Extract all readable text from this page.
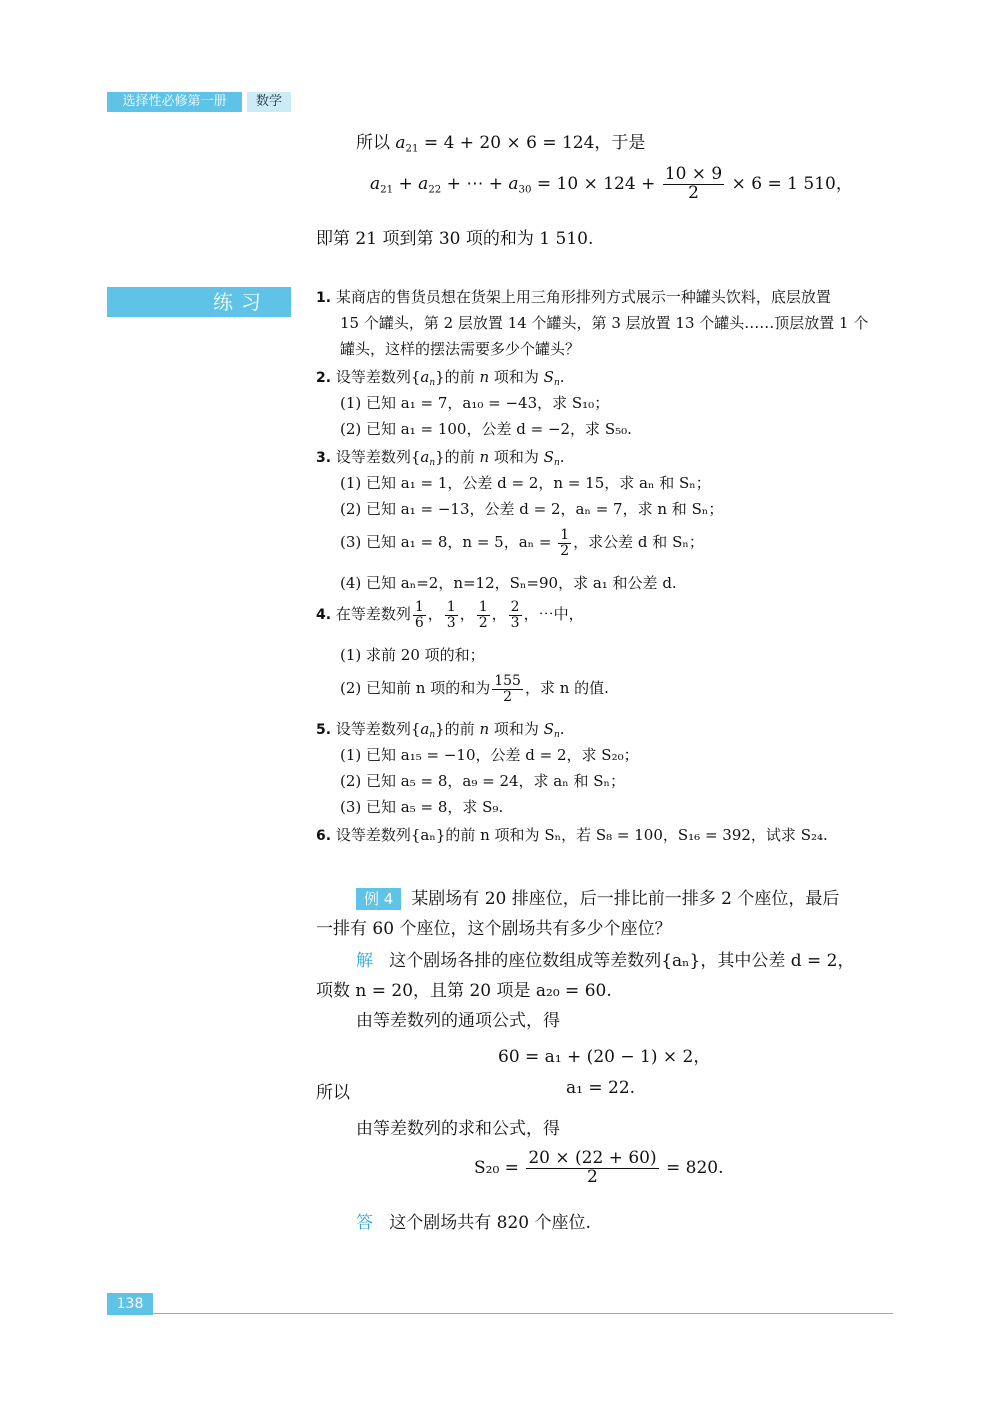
选择性必修第一册	数学
所以 $a_{21} = 4 + 20 \times 6 = 124$，于是
$a_{21} + a_{22}$ + ⋯ + $a_{30} = 10 \times 124 + \frac{10 \times 9}{2} \times 6 = 1$ 510，
即第 21 项到第 30 项的和为 1 510.
练习	1. 某商店的售货员想在货架上用三角形排列方式展示一种罐头饮料，底层放置
15 个罐头，第 2 层放置 14 个罐头，第 3 层放置 13 个罐头……顶层放置 1 个
罐头，这样的摆法需要多少个罐头？
2. 设等差数列$\{a_n\}$的前 n 项和为 $S_n$.
(1) 已知 a₁ = 7，a₁₀ = −43，求 S₁₀；
(2) 已知 a₁ = 100，公差 d = −2，求 S₅₀.
3. 设等差数列$\{a_n\}$的前 n 项和为 $S_n$.
(1) 已知 a₁ = 1，公差 d = 2，n = 15，求 aₙ 和 Sₙ；
(2) 已知 a₁ = −13，公差 d = 2，aₙ = 7，求 n 和 Sₙ；
(3) 已知 a₁ = 8，n = 5，$a_n = \frac{1}{2}$ ，求公差 d 和 Sₙ；
(4) 已知 aₙ=2，n=12，Sₙ=90，求 a₁ 和公差 d.
4. 在等差数列 $\frac{1}{6}$ ， $\frac{1}{3}$ ， $\frac{1}{2}$ ， $\frac{2}{3}$ ，⋯中，
(1) 求前 20 项的和；
(2) 已知前 n 项的和为 $\frac{155}{2}$ ，求 n 的值.
5. 设等差数列$\{a_n\}$的前 n 项和为 $S_n$.
(1) 已知 a₁₅ = −10，公差 d = 2，求 S₂₀；
(2) 已知 a₅ = 8，a₉ = 24，求 aₙ 和 Sₙ；
(3) 已知 a₅ = 8，求 S₉.
6. 设等差数列{aₙ}的前 n 项和为 Sₙ，若 S₈ = 100，S₁₆ = 392，试求 S₂₄.
例 4 某剧场有 20 排座位，后一排比前一排多 2 个座位，最后
一排有 60 个座位，这个剧场共有多少个座位？
解 这个剧场各排的座位数组成等差数列{aₙ}，其中公差 d = 2，
项数 n = 20，且第 20 项是 a₂₀ = 60.
由等差数列的通项公式，得
60 = a₁ + (20 − 1) × 2，
所以	a₁ = 22.
由等差数列的求和公式，得
$S_{20} = \frac{20 \times (22 + 60)}{2} = 820$.
答 这个剧场共有 820 个座位.
138
